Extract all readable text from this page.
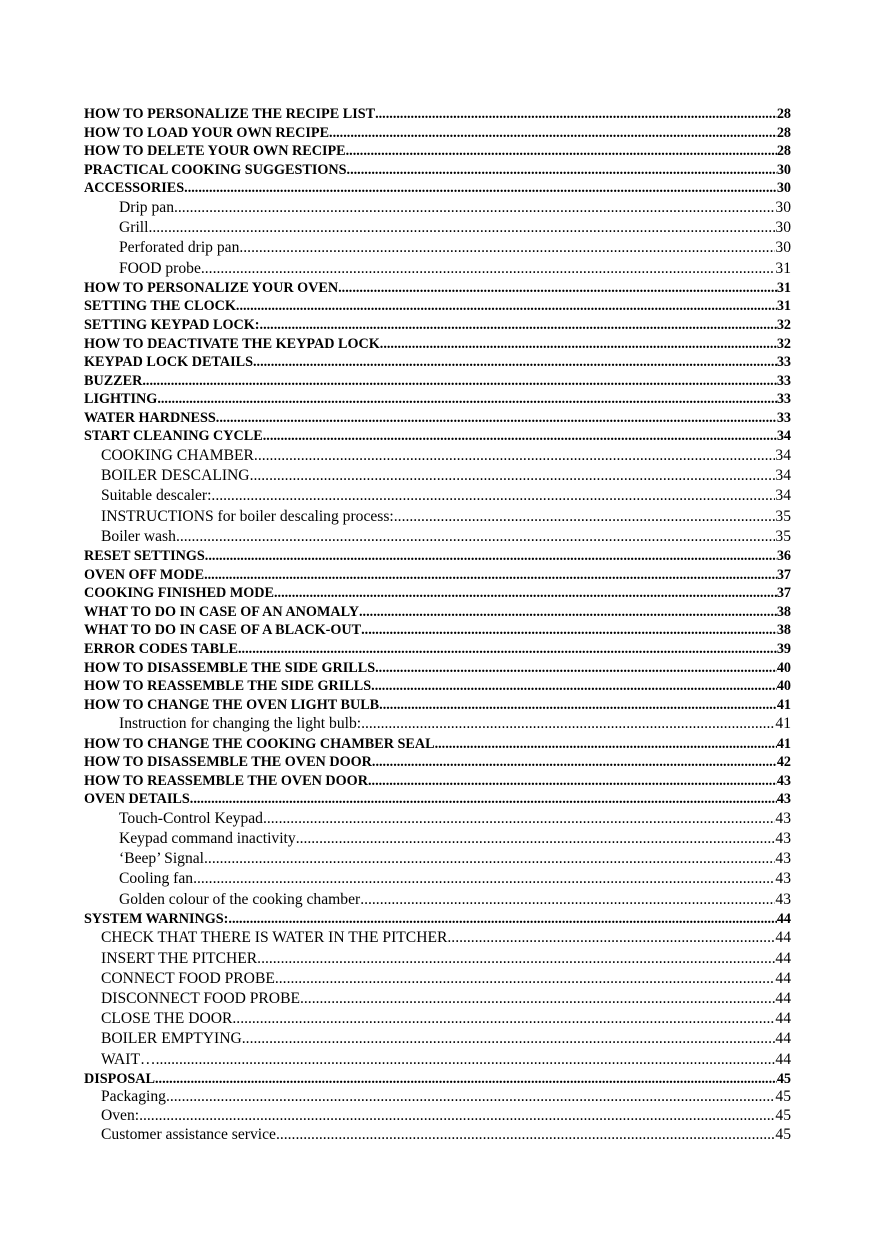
HOW TO PERSONALIZE THE RECIPE LIST .....	28
HOW TO LOAD YOUR OWN RECIPE .....	28
HOW TO DELETE YOUR OWN RECIPE .....	28
PRACTICAL COOKING SUGGESTIONS .....	30
ACCESSORIES .....	30
Drip pan .....	30
Grill .....	30
Perforated drip pan .....	30
FOOD probe .....	31
HOW TO PERSONALIZE YOUR OVEN .....	31
SETTING THE CLOCK .....	31
SETTING KEYPAD LOCK: .....	32
HOW TO DEACTIVATE THE KEYPAD LOCK .....	32
KEYPAD LOCK DETAILS .....	33
BUZZER .....	33
LIGHTING .....	33
WATER HARDNESS .....	33
START CLEANING CYCLE .....	34
COOKING CHAMBER .....	34
BOILER DESCALING .....	34
Suitable descaler: .....	34
INSTRUCTIONS for boiler descaling process: .....	35
Boiler wash .....	35
RESET SETTINGS .....	36
OVEN OFF MODE .....	37
COOKING FINISHED MODE .....	37
WHAT TO DO IN CASE OF AN ANOMALY .....	38
WHAT TO DO IN CASE OF A BLACK-OUT .....	38
ERROR CODES TABLE .....	39
HOW TO DISASSEMBLE THE SIDE GRILLS .....	40
HOW TO REASSEMBLE THE SIDE GRILLS .....	40
HOW TO CHANGE THE OVEN LIGHT BULB .....	41
Instruction for changing the light bulb: .....	41
HOW TO CHANGE THE COOKING CHAMBER SEAL .....	41
HOW TO DISASSEMBLE THE OVEN DOOR .....	42
HOW TO REASSEMBLE THE OVEN DOOR .....	43
OVEN DETAILS .....	43
Touch-Control Keypad .....	43
Keypad command inactivity .....	43
‘Beep’ Signal .....	43
Cooling fan .....	43
Golden colour of the cooking chamber .....	43
SYSTEM WARNINGS: .....	44
CHECK THAT THERE IS WATER IN THE PITCHER .....	44
INSERT THE PITCHER .....	44
CONNECT FOOD PROBE .....	44
DISCONNECT FOOD PROBE .....	44
CLOSE THE DOOR .....	44
BOILER EMPTYING .....	44
WAIT… .....	44
DISPOSAL .....	45
Packaging .....	45
Oven: .....	45
Customer assistance service .....	45
